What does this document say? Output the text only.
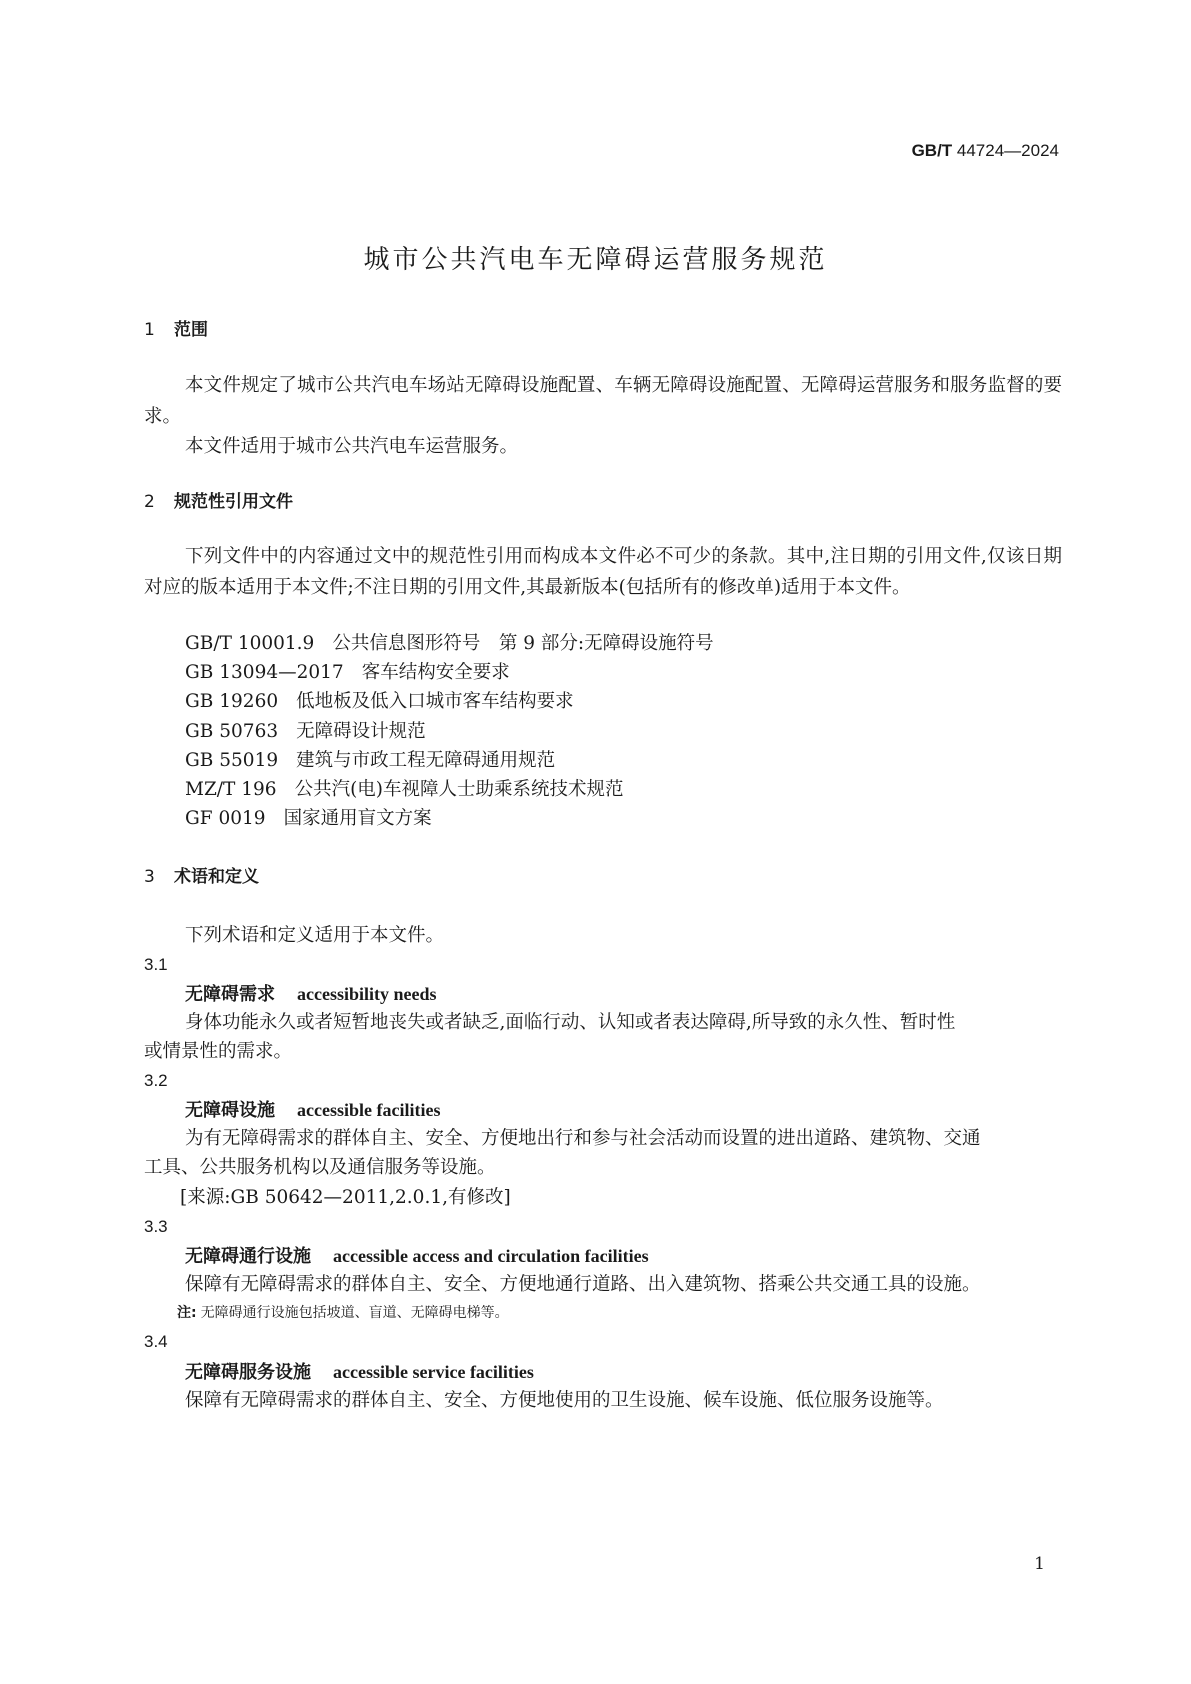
GB/T 44724—2024
城市公共汽电车无障碍运营服务规范
1 范围
本文件规定了城市公共汽电车场站无障碍设施配置、车辆无障碍设施配置、无障碍运营服务和服务监督的要求。
本文件适用于城市公共汽电车运营服务。
2 规范性引用文件
下列文件中的内容通过文中的规范性引用而构成本文件必不可少的条款。其中,注日期的引用文件,仅该日期对应的版本适用于本文件;不注日期的引用文件,其最新版本(包括所有的修改单)适用于本文件。
GB/T 10001.9 公共信息图形符号　第 9 部分:无障碍设施符号
GB 13094—2017 客车结构安全要求
GB 19260 低地板及低入口城市客车结构要求
GB 50763 无障碍设计规范
GB 55019 建筑与市政工程无障碍通用规范
MZ/T 196 公共汽(电)车视障人士助乘系统技术规范
GF 0019 国家通用盲文方案
3 术语和定义
下列术语和定义适用于本文件。
3.1
无障碍需求 accessibility needs
身体功能永久或者短暂地丧失或者缺乏,面临行动、认知或者表达障碍,所导致的永久性、暂时性
或情景性的需求。
3.2
无障碍设施 accessible facilities
为有无障碍需求的群体自主、安全、方便地出行和参与社会活动而设置的进出道路、建筑物、交通
工具、公共服务机构以及通信服务等设施。
[来源:GB 50642—2011,2.0.1,有修改]
3.3
无障碍通行设施 accessible access and circulation facilities
保障有无障碍需求的群体自主、安全、方便地通行道路、出入建筑物、搭乘公共交通工具的设施。
注: 无障碍通行设施包括坡道、盲道、无障碍电梯等。
3.4
无障碍服务设施 accessible service facilities
保障有无障碍需求的群体自主、安全、方便地使用的卫生设施、候车设施、低位服务设施等。
1
